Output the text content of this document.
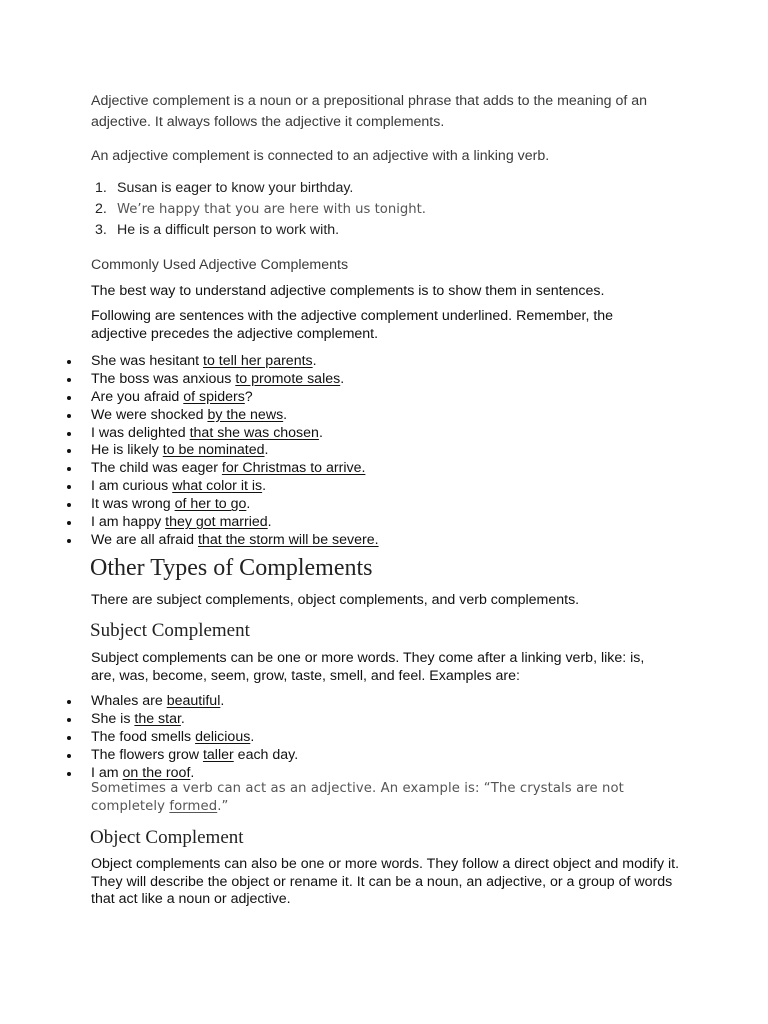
Adjective complement is a noun or a prepositional phrase that adds to the meaning of an adjective. It always follows the adjective it complements.

An adjective complement is connected to an adjective with a linking verb.

1. Susan is eager to know your birthday.
2. We’re happy that you are here with us tonight.
3. He is a difficult person to work with.

Commonly Used Adjective Complements

The best way to understand adjective complements is to show them in sentences.

Following are sentences with the adjective complement underlined. Remember, the adjective precedes the adjective complement.

She was hesitant to tell her parents.
The boss was anxious to promote sales.
Are you afraid of spiders?
We were shocked by the news.
I was delighted that she was chosen.
He is likely to be nominated.
The child was eager for Christmas to arrive.
I am curious what color it is.
It was wrong of her to go.
I am happy they got married.
We are all afraid that the storm will be severe.
Other Types of Complements

There are subject complements, object complements, and verb complements.

Subject Complement

Subject complements can be one or more words. They come after a linking verb, like: is, are, was, become, seem, grow, taste, smell, and feel. Examples are:

Whales are beautiful.
She is the star.
The food smells delicious.
The flowers grow taller each day.
I am on the roof.

Sometimes a verb can act as an adjective. An example is: “The crystals are not
completely formed.”

Object Complement

Object complements can also be one or more words. They follow a direct object and modify it. They will describe the object or rename it. It can be a noun, an adjective, or a group of words that act like a noun or adjective.
